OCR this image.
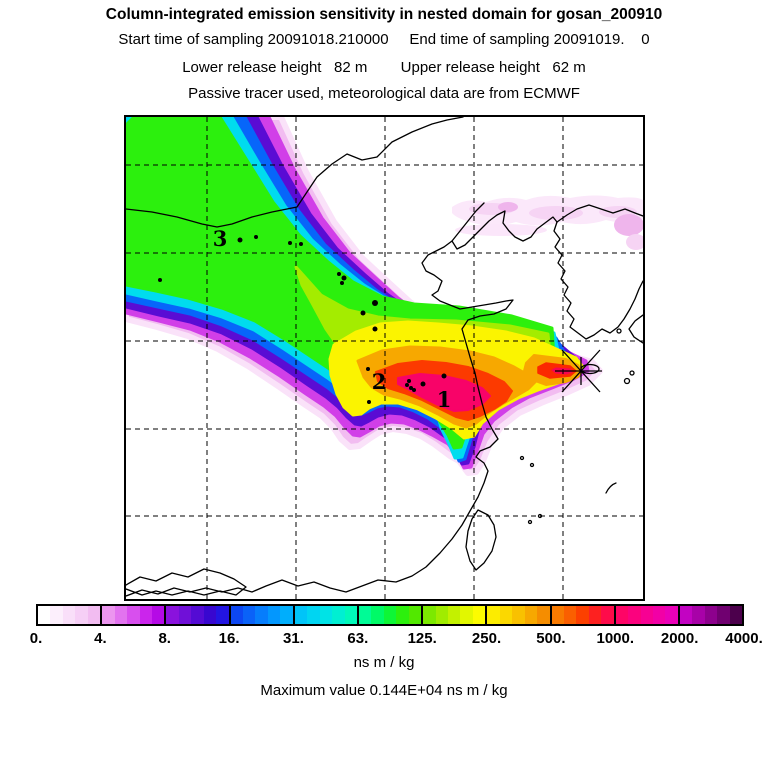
Column-integrated emission sensitivity in nested domain for gosan_200910
Start time of sampling 20091018.210000     End time of sampling 20091019.    0
Lower release height   82 m        Upper release height   62 m
Passive tracer used, meteorological data are from ECMWF
3
2
1
0.	4.	8.	16.	31.	63.	125. 250. 500. 1000. 2000. 4000.
ns m / kg
Maximum value 0.144E+04 ns m / kg
